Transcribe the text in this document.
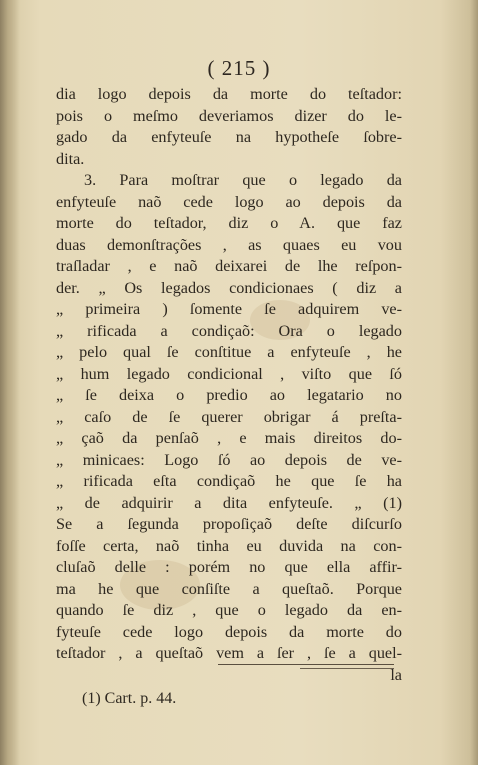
( 215 )
dia logo depois da morte do teſtador:
pois o meſmo deveriamos dizer do le-
gado da enfyteuſe na hypotheſe ſobre-
dita.
3. Para moſtrar que o legado da
enfyteuſe naõ cede logo ao depois da
morte do teſtador, diz o A. que faz
duas demonſtrações , as quaes eu vou
traſladar , e naõ deixarei de lhe reſpon-
der. „ Os legados condicionaes ( diz a
„ primeira ) ſomente ſe adquirem ve-
„ rificada a condiçaõ: Ora o legado
„ pelo qual ſe conſtitue a enfyteuſe , he
„ hum legado condicional , viſto que ſó
„ ſe deixa o predio ao legatario no
„ caſo de ſe querer obrigar á preſta-
„ çaõ da penſaõ , e mais direitos do-
„ minicaes: Logo ſó ao depois de ve-
„ rificada eſta condiçaõ he que ſe ha
„ de adquirir a dita enfyteuſe. „ (1)
Se a ſegunda propoſiçaõ deſte diſcurſo
foſſe certa, naõ tinha eu duvida na con-
cluſaõ delle : porém no que ella affir-
ma he que conſiſte a queſtaõ. Porque
quando ſe diz , que o legado da en-
fyteuſe cede logo depois da morte do
teſtador , a queſtaõ vem a ſer , ſe a quel-
la
(1) Cart. p. 44.
